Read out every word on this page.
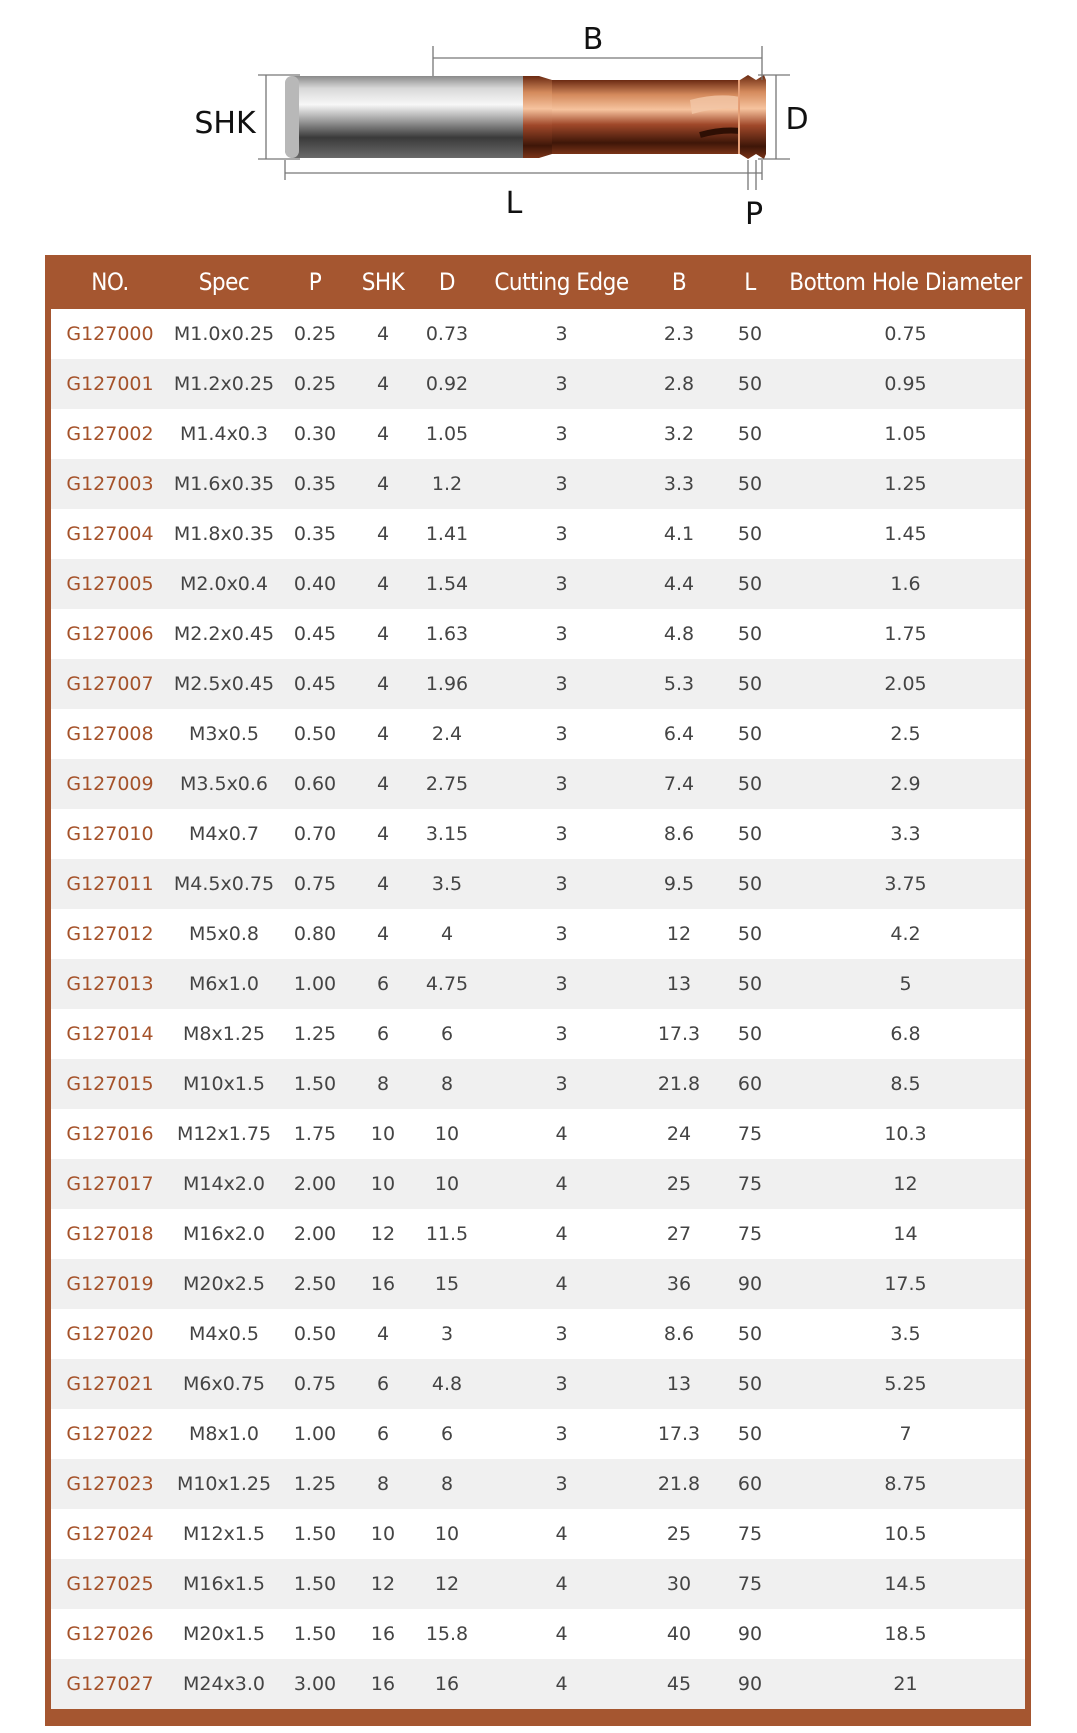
SHK
B
D
L	P
NO.	Spec	P	SHK	D	Cutting Edge	B	L	Bottom Hole Diameter
G127000	M1.0x0.25	0.25	4	0.73	3	2.3	50	0.75
G127001	M1.2x0.25	0.25	4	0.92	3	2.8	50	0.95
G127002	M1.4x0.3	0.30	4	1.05	3	3.2	50	1.05
G127003	M1.6x0.35	0.35	4	1.2	3	3.3	50	1.25
G127004	M1.8x0.35	0.35	4	1.41	3	4.1	50	1.45
G127005	M2.0x0.4	0.40	4	1.54	3	4.4	50	1.6
G127006	M2.2x0.45	0.45	4	1.63	3	4.8	50	1.75
G127007	M2.5x0.45	0.45	4	1.96	3	5.3	50	2.05
G127008	M3x0.5	0.50	4	2.4	3	6.4	50	2.5
G127009	M3.5x0.6	0.60	4	2.75	3	7.4	50	2.9
G127010	M4x0.7	0.70	4	3.15	3	8.6	50	3.3
G127011	M4.5x0.75	0.75	4	3.5	3	9.5	50	3.75
G127012	M5x0.8	0.80	4	4	3	12	50	4.2
G127013	M6x1.0	1.00	6	4.75	3	13	50	5
G127014	M8x1.25	1.25	6	6	3	17.3	50	6.8
G127015	M10x1.5	1.50	8	8	3	21.8	60	8.5
G127016	M12x1.75	1.75	10	10	4	24	75	10.3
G127017	M14x2.0	2.00	10	10	4	25	75	12
G127018	M16x2.0	2.00	12	11.5	4	27	75	14
G127019	M20x2.5	2.50	16	15	4	36	90	17.5
G127020	M4x0.5	0.50	4	3	3	8.6	50	3.5
G127021	M6x0.75	0.75	6	4.8	3	13	50	5.25
G127022	M8x1.0	1.00	6	6	3	17.3	50	7
G127023	M10x1.25	1.25	8	8	3	21.8	60	8.75
G127024	M12x1.5	1.50	10	10	4	25	75	10.5
G127025	M16x1.5	1.50	12	12	4	30	75	14.5
G127026	M20x1.5	1.50	16	15.8	4	40	90	18.5
G127027	M24x3.0	3.00	16	16	4	45	90	21
